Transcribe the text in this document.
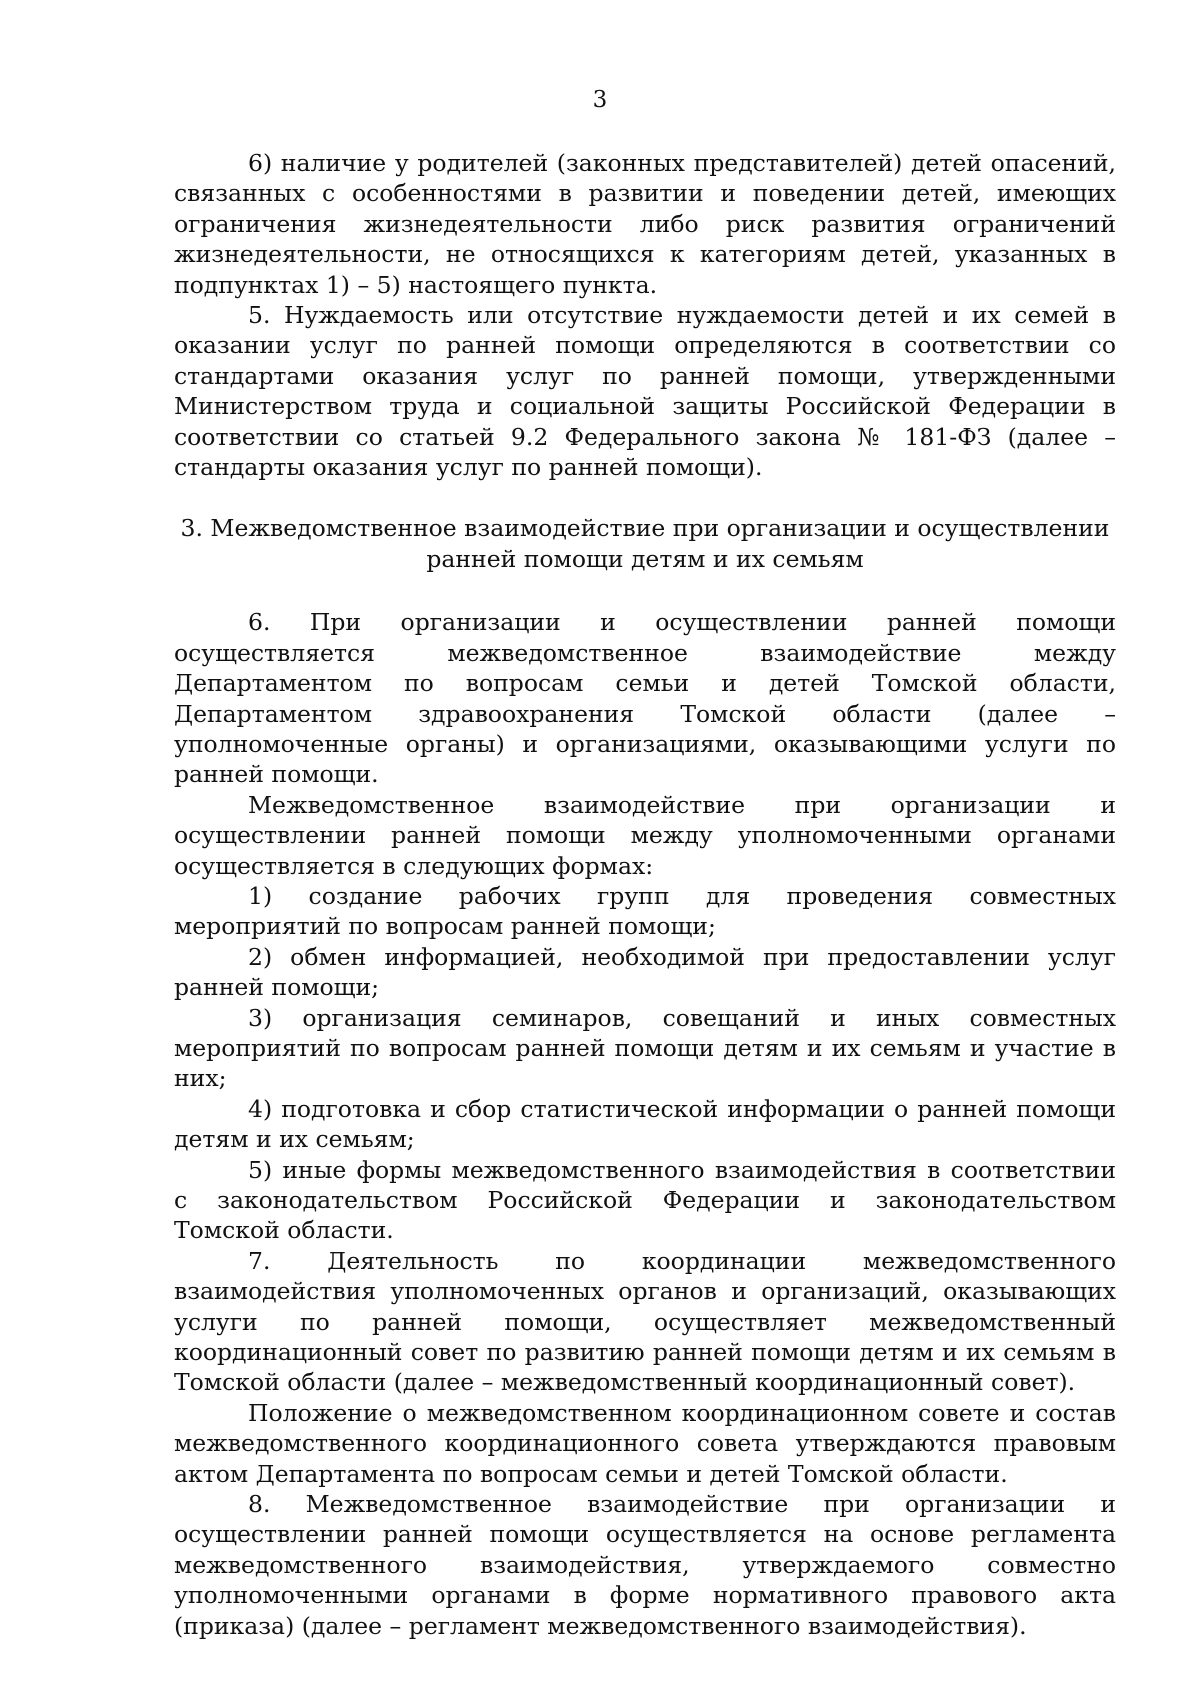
3

6) наличие у родителей (законных представителей) детей опасений, связанных с особенностями в развитии и поведении детей, имеющих ограничения жизнедеятельности либо риск развития ограничений жизнедеятельности, не относящихся к категориям детей, указанных в подпунктах 1) – 5) настоящего пункта.

5. Нуждаемость или отсутствие нуждаемости детей и их семей в оказании услуг по ранней помощи определяются в соответствии со стандартами оказания услуг по ранней помощи, утвержденными Министерством труда и социальной защиты Российской Федерации в соответствии со статьей 9.2 Федерального закона № 181-ФЗ (далее – стандарты оказания услуг по ранней помощи).

3. Межведомственное взаимодействие при организации и осуществлении
ранней помощи детям и их семьям

6. При организации и осуществлении ранней помощи осуществляется межведомственное взаимодействие между Департаментом по вопросам семьи и детей Томской области, Департаментом здравоохранения Томской области (далее – уполномоченные органы) и организациями, оказывающими услуги по ранней помощи.

Межведомственное взаимодействие при организации и осуществлении ранней помощи между уполномоченными органами осуществляется в следующих формах:

1) создание рабочих групп для проведения совместных мероприятий по вопросам ранней помощи;

2) обмен информацией, необходимой при предоставлении услуг ранней помощи;

3) организация семинаров, совещаний и иных совместных мероприятий по вопросам ранней помощи детям и их семьям и участие в них;

4) подготовка и сбор статистической информации о ранней помощи детям и их семьям;

5) иные формы межведомственного взаимодействия в соответствии с законодательством Российской Федерации и законодательством Томской области.

7. Деятельность по координации межведомственного взаимодействия уполномоченных органов и организаций, оказывающих услуги по ранней помощи, осуществляет межведомственный координационный совет по развитию ранней помощи детям и их семьям в Томской области (далее – межведомственный координационный совет).

Положение о межведомственном координационном совете и состав межведомственного координационного совета утверждаются правовым актом Департамента по вопросам семьи и детей Томской области.

8. Межведомственное взаимодействие при организации и осуществлении ранней помощи осуществляется на основе регламента межведомственного взаимодействия, утверждаемого совместно уполномоченными органами в форме нормативного правового акта (приказа) (далее – регламент межведомственного взаимодействия).
